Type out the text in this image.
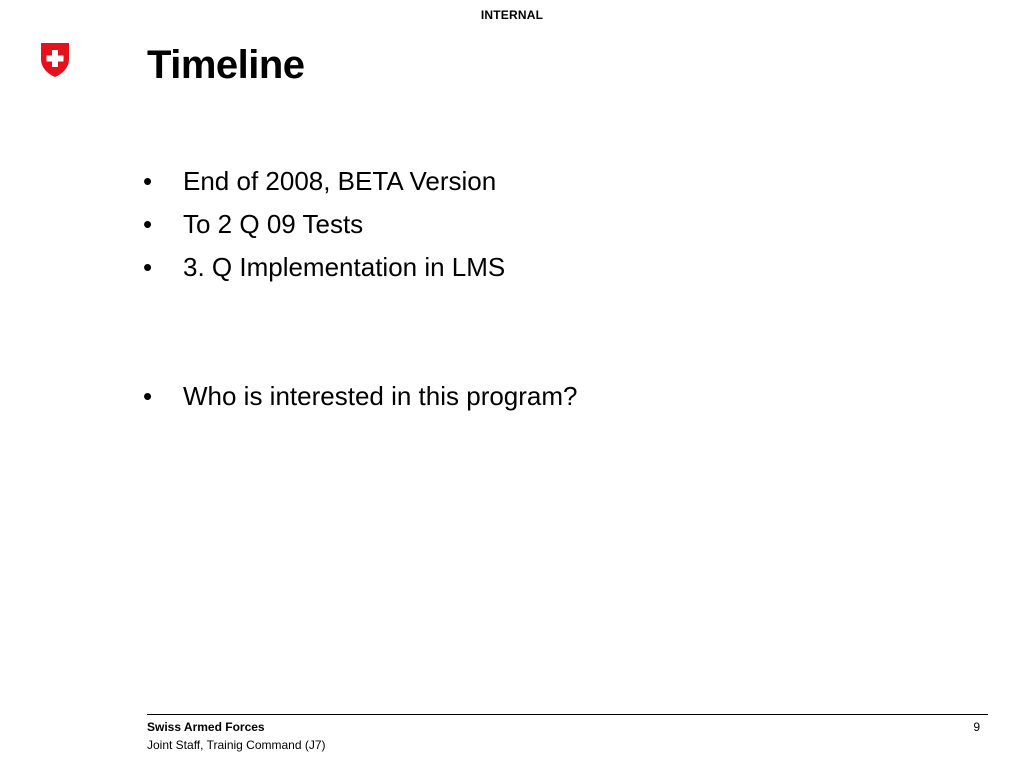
INTERNAL
Timeline
• End of 2008, BETA Version
• To 2 Q 09 Tests
• 3. Q Implementation in LMS
• Who is interested in this program?
Swiss Armed Forces
Joint Staff, Trainig Command (J7)
9
